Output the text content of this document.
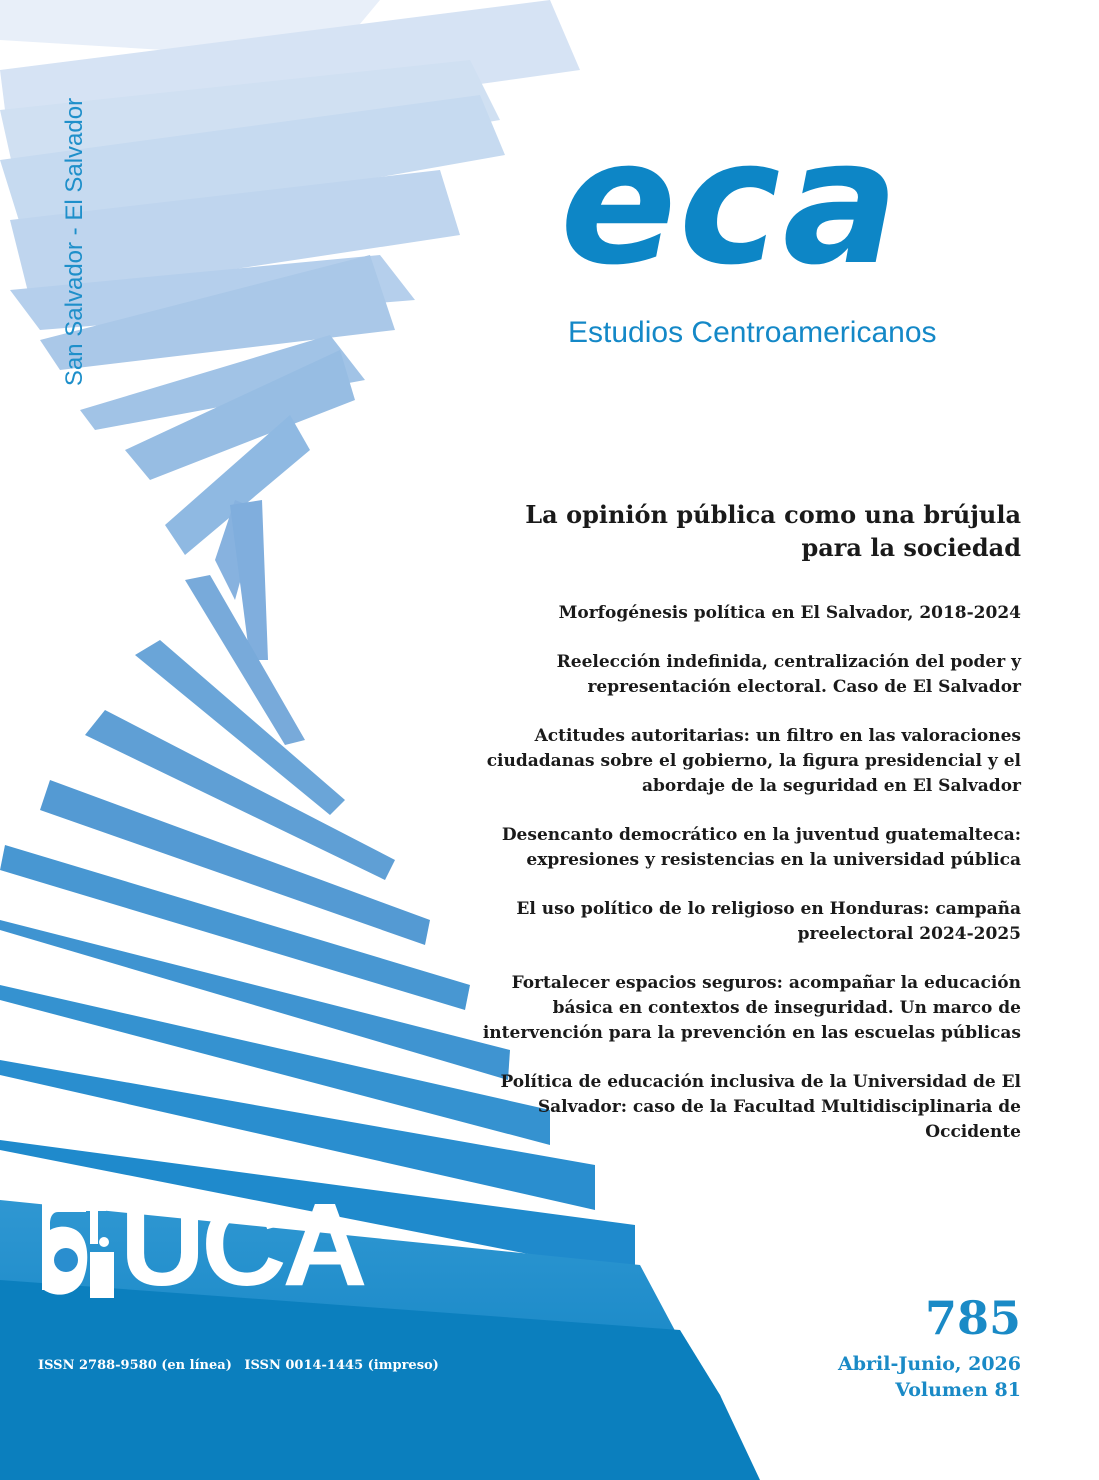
San Salvador - El Salvador	eca
Estudios Centroamericanos
La opinión pública como una brújula para la sociedad
Morfogénesis política en El Salvador, 2018-2024
Reelección indefinida, centralización del poder y representación electoral. Caso de El Salvador
Actitudes autoritarias: un filtro en las valoraciones ciudadanas sobre el gobierno, la figura presidencial y el abordaje de la seguridad en El Salvador
Desencanto democrático en la juventud guatemalteca: expresiones y resistencias en la universidad pública
El uso político de lo religioso en Honduras: campaña preelectoral 2024-2025
Fortalecer espacios seguros: acompañar la educación básica en contextos de inseguridad. Un marco de intervención para la prevención en las escuelas públicas
Política de educación inclusiva de la Universidad de El Salvador: caso de la Facultad Multidisciplinaria de Occidente
785
Abril-Junio, 2026
Volumen 81
UCA
ISSN 2788-9580 (en línea) ISSN 0014-1445 (impreso)
